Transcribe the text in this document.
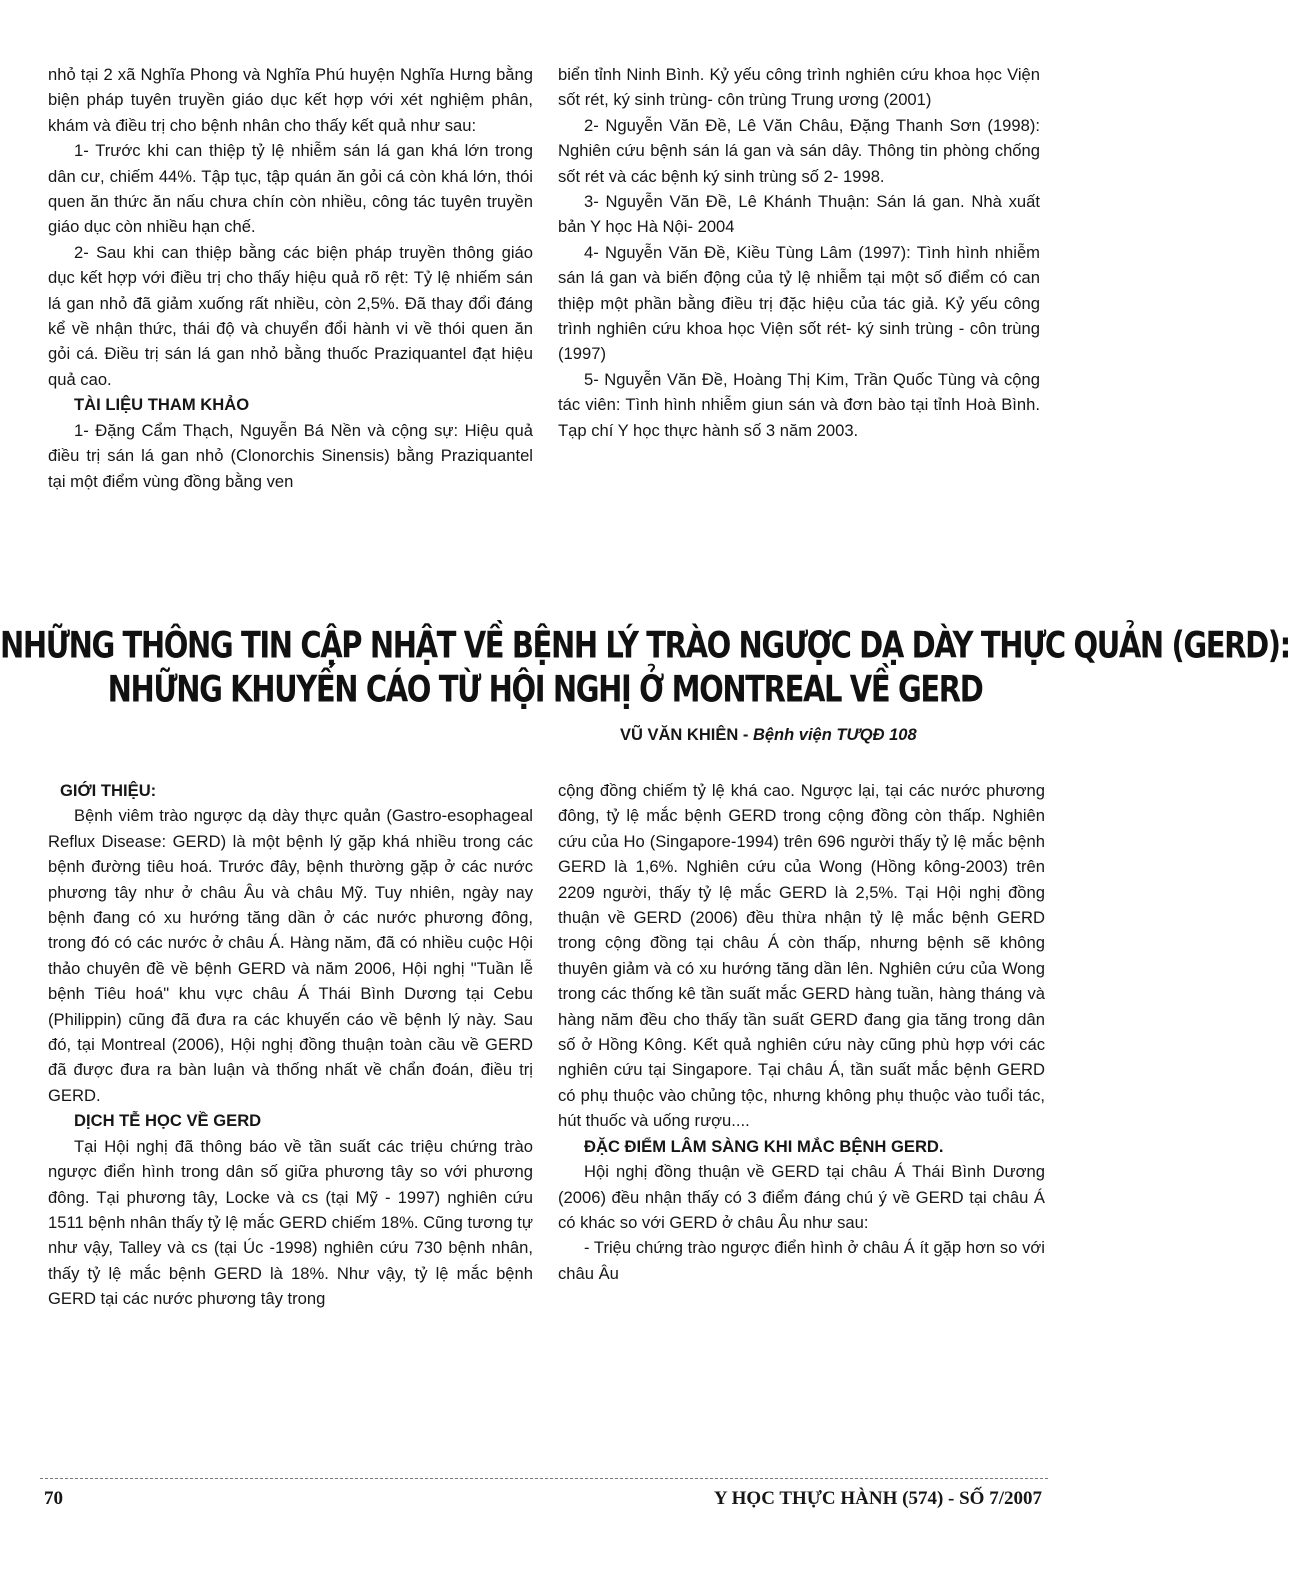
nhỏ tại 2 xã Nghĩa Phong và Nghĩa Phú huyện Nghĩa Hưng bằng biện pháp tuyên truyền giáo dục kết hợp với xét nghiệm phân, khám và điều trị cho bệnh nhân cho thấy kết quả như sau:

1- Trước khi can thiệp tỷ lệ nhiễm sán lá gan khá lớn trong dân cư, chiếm 44%. Tập tục, tập quán ăn gỏi cá còn khá lớn, thói quen ăn thức ăn nấu chưa chín còn nhiều, công tác tuyên truyền giáo dục còn nhiều hạn chế.

2- Sau khi can thiệp bằng các biện pháp truyền thông giáo dục kết hợp với điều trị cho thấy hiệu quả rõ rệt: Tỷ lệ nhiếm sán lá gan nhỏ đã giảm xuống rất nhiều, còn 2,5%. Đã thay đổi đáng kể về nhận thức, thái độ và chuyển đổi hành vi về thói quen ăn gỏi cá. Điều trị sán lá gan nhỏ bằng thuốc Praziquantel đạt hiệu quả cao.

TÀI LIỆU THAM KHẢO

1- Đặng Cẩm Thạch, Nguyễn Bá Nền và cộng sự: Hiệu quả điều trị sán lá gan nhỏ (Clonorchis Sinensis) bằng Praziquantel tại một điểm vùng đồng bằng ven

biển tỉnh Ninh Bình. Kỷ yếu công trình nghiên cứu khoa học Viện sốt rét, ký sinh trùng- côn trùng Trung ương (2001)

2- Nguyễn Văn Đề, Lê Văn Châu, Đặng Thanh Sơn (1998): Nghiên cứu bệnh sán lá gan và sán dây. Thông tin phòng chống sốt rét và các bệnh ký sinh trùng số 2- 1998.

3- Nguyễn Văn Đề, Lê Khánh Thuận: Sán lá gan. Nhà xuất bản Y học Hà Nội- 2004

4- Nguyễn Văn Đề, Kiều Tùng Lâm (1997): Tình hình nhiễm sán lá gan và biến động của tỷ lệ nhiễm tại một số điểm có can thiệp một phần bằng điều trị đặc hiệu của tác giả. Kỷ yếu công trình nghiên cứu khoa học Viện sốt rét- ký sinh trùng - côn trùng (1997)

5- Nguyễn Văn Đề, Hoàng Thị Kim, Trần Quốc Tùng và cộng tác viên: Tình hình nhiễm giun sán và đơn bào tại tỉnh Hoà Bình. Tạp chí Y học thực hành số 3 năm 2003.

NHỮNG THÔNG TIN CẬP NHẬT VỀ BỆNH LÝ TRÀO NGƯỢC DẠ DÀY THỰC QUẢN (GERD):
NHỮNG KHUYẾN CÁO TỪ HỘI NGHỊ Ở MONTREAL VỀ GERD
VŨ VĂN KHIÊN - Bệnh viện TƯQĐ 108

GIỚI THIỆU:

Bệnh viêm trào ngược dạ dày thực quản (Gastro-esophageal Reflux Disease: GERD) là một bệnh lý gặp khá nhiều trong các bệnh đường tiêu hoá. Trước đây, bệnh thường gặp ở các nước phương tây như ở châu Âu và châu Mỹ. Tuy nhiên, ngày nay bệnh đang có xu hướng tăng dần ở các nước phương đông, trong đó có các nước ở châu Á. Hàng năm, đã có nhiều cuộc Hội thảo chuyên đề về bệnh GERD và năm 2006, Hội nghị "Tuần lễ bệnh Tiêu hoá" khu vực châu Á Thái Bình Dương tại Cebu (Philippin) cũng đã đưa ra các khuyến cáo về bệnh lý này. Sau đó, tại Montreal (2006), Hội nghị đồng thuận toàn cầu về GERD đã được đưa ra bàn luận và thống nhất về chẩn đoán, điều trị GERD.

DỊCH TỄ HỌC VỀ GERD

Tại Hội nghị đã thông báo về tần suất các triệu chứng trào ngược điển hình trong dân số giữa phương tây so với phương đông. Tại phương tây, Locke và cs (tại Mỹ - 1997) nghiên cứu 1511 bệnh nhân thấy tỷ lệ mắc GERD chiếm 18%. Cũng tương tự như vậy, Talley và cs (tại Úc -1998) nghiên cứu 730 bệnh nhân, thấy tỷ lệ mắc bệnh GERD là 18%. Như vậy, tỷ lệ mắc bệnh GERD tại các nước phương tây trong

cộng đồng chiếm tỷ lệ khá cao. Ngược lại, tại các nước phương đông, tỷ lệ mắc bệnh GERD trong cộng đồng còn thấp. Nghiên cứu của Ho (Singapore-1994) trên 696 người thấy tỷ lệ mắc bệnh GERD là 1,6%. Nghiên cứu của Wong (Hồng kông-2003) trên 2209 người, thấy tỷ lệ mắc GERD là 2,5%. Tại Hội nghị đồng thuận về GERD (2006) đều thừa nhận tỷ lệ mắc bệnh GERD trong cộng đồng tại châu Á còn thấp, nhưng bệnh sẽ không thuyên giảm và có xu hướng tăng dần lên. Nghiên cứu của Wong trong các thống kê tần suất mắc GERD hàng tuần, hàng tháng và hàng năm đều cho thấy tần suất GERD đang gia tăng trong dân số ở Hồng Kông. Kết quả nghiên cứu này cũng phù hợp với các nghiên cứu tại Singapore. Tại châu Á, tần suất mắc bệnh GERD có phụ thuộc vào chủng tộc, nhưng không phụ thuộc vào tuổi tác, hút thuốc và uống rượu....

ĐẶC ĐIỂM LÂM SÀNG KHI MẮC BỆNH GERD.

Hội nghị đồng thuận về GERD tại châu Á Thái Bình Dương (2006) đều nhận thấy có 3 điểm đáng chú ý về GERD tại châu Á có khác so với GERD ở châu Âu như sau:

- Triệu chứng trào ngược điển hình ở châu Á ít gặp hơn so với châu Âu

70	Y HỌC THỰC HÀNH (574) - SỐ 7/2007
